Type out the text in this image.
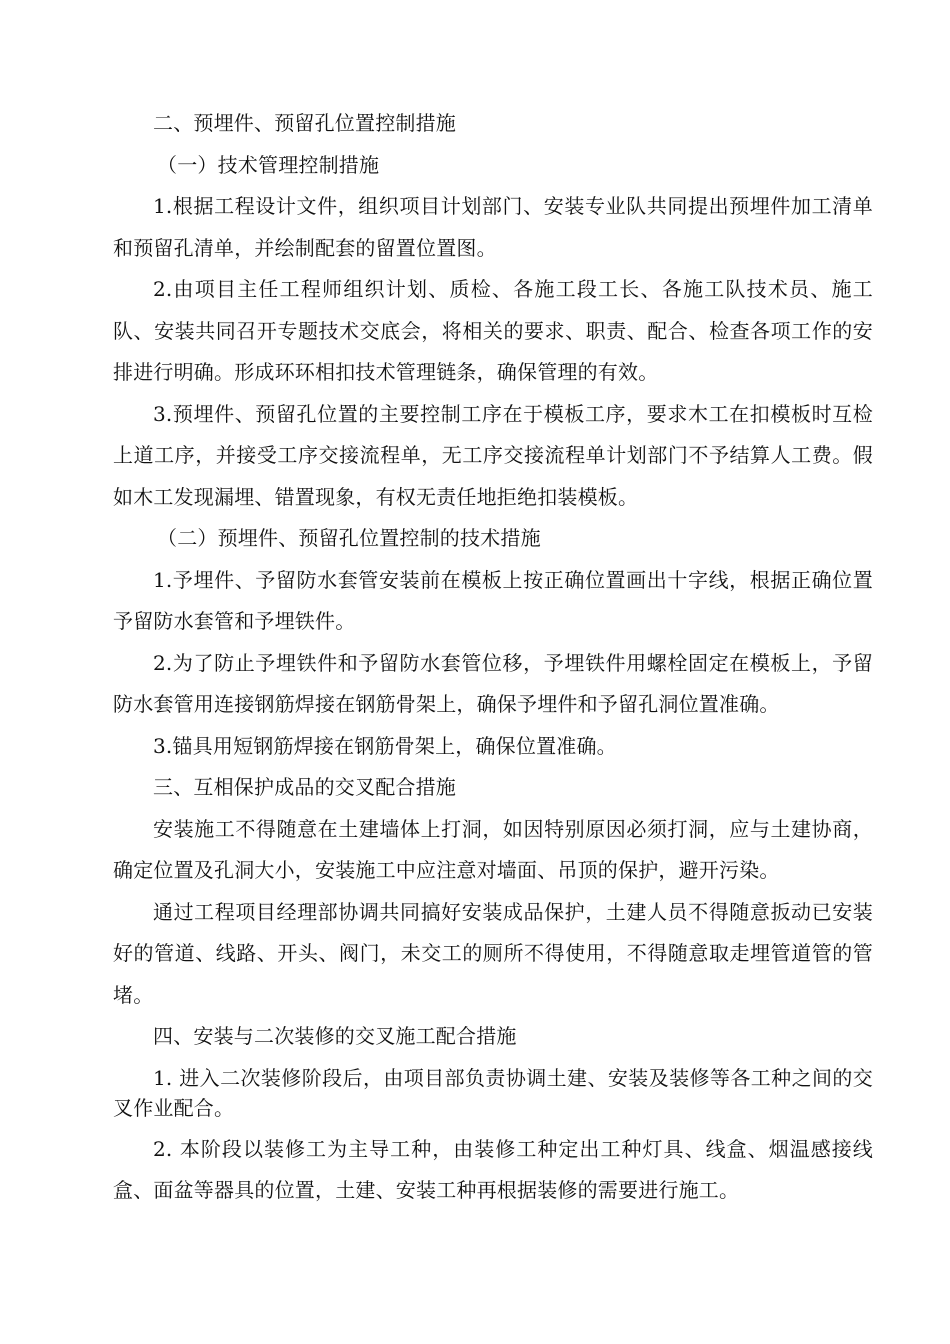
二、预埋件、预留孔位置控制措施

（一）技术管理控制措施

1.根据工程设计文件，组织项目计划部门、安装专业队共同提出预埋件加工清单和预留孔清单，并绘制配套的留置位置图。

2.由项目主任工程师组织计划、质检、各施工段工长、各施工队技术员、施工队、安装共同召开专题技术交底会，将相关的要求、职责、配合、检查各项工作的安排进行明确。形成环环相扣技术管理链条，确保管理的有效。

3.预埋件、预留孔位置的主要控制工序在于模板工序，要求木工在扣模板时互检上道工序，并接受工序交接流程单，无工序交接流程单计划部门不予结算人工费。假如木工发现漏埋、错置现象，有权无责任地拒绝扣装模板。

（二）预埋件、预留孔位置控制的技术措施

1.予埋件、予留防水套管安装前在模板上按正确位置画出十字线，根据正确位置予留防水套管和予埋铁件。

2.为了防止予埋铁件和予留防水套管位移，予埋铁件用螺栓固定在模板上，予留防水套管用连接钢筋焊接在钢筋骨架上，确保予埋件和予留孔洞位置准确。

3.锚具用短钢筋焊接在钢筋骨架上，确保位置准确。

三、互相保护成品的交叉配合措施

安装施工不得随意在土建墙体上打洞，如因特别原因必须打洞，应与土建协商，确定位置及孔洞大小，安装施工中应注意对墙面、吊顶的保护，避开污染。

通过工程项目经理部协调共同搞好安装成品保护，土建人员不得随意扳动已安装好的管道、线路、开头、阀门，未交工的厕所不得使用，不得随意取走埋管道管的管堵。

四、安装与二次装修的交叉施工配合措施

1. 进入二次装修阶段后，由项目部负责协调土建、安装及装修等各工种之间的交叉作业配合。

2. 本阶段以装修工为主导工种，由装修工种定出工种灯具、线盒、烟温感接线盒、面盆等器具的位置，土建、安装工种再根据装修的需要进行施工。
